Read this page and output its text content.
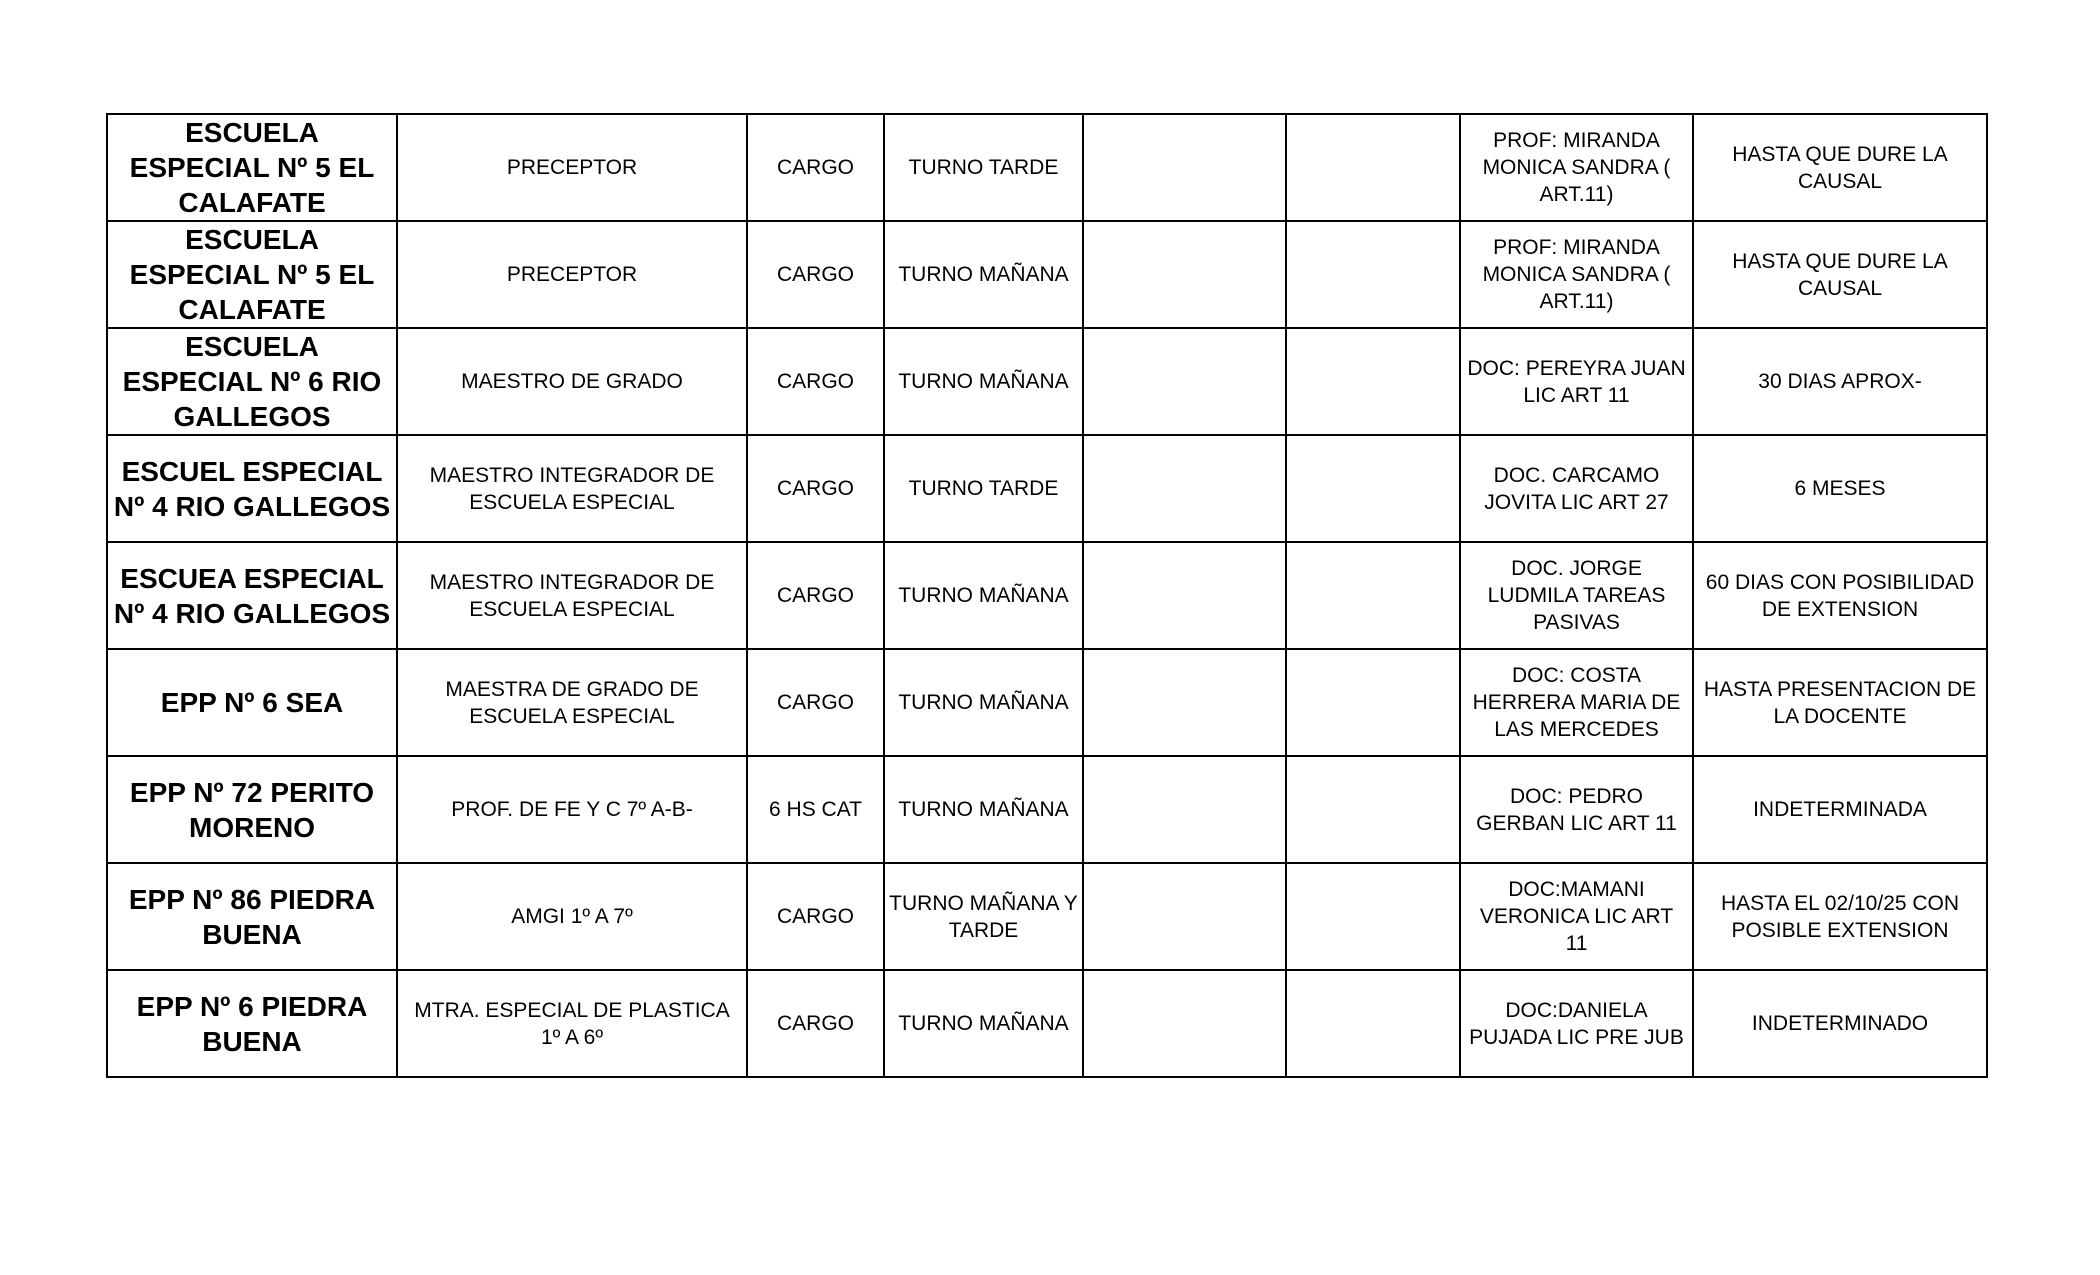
ESCUELA ESPECIAL Nº 5 EL CALAFATE	PRECEPTOR	CARGO	TURNO TARDE			PROF: MIRANDA MONICA SANDRA ( ART.11)	HASTA QUE DURE LA CAUSAL
ESCUELA ESPECIAL Nº 5 EL CALAFATE	PRECEPTOR	CARGO	TURNO MAÑANA			PROF: MIRANDA MONICA SANDRA ( ART.11)	HASTA QUE DURE LA CAUSAL
ESCUELA ESPECIAL Nº 6 RIO GALLEGOS	MAESTRO DE GRADO	CARGO	TURNO MAÑANA			DOC: PEREYRA JUAN LIC ART 11	30 DIAS APROX-
ESCUEL ESPECIAL Nº 4 RIO GALLEGOS	MAESTRO INTEGRADOR DE ESCUELA ESPECIAL	CARGO	TURNO TARDE			DOC. CARCAMO JOVITA LIC ART 27	6 MESES
ESCUEA ESPECIAL Nº 4 RIO GALLEGOS	MAESTRO INTEGRADOR DE ESCUELA ESPECIAL	CARGO	TURNO MAÑANA			DOC. JORGE LUDMILA TAREAS PASIVAS	60 DIAS CON POSIBILIDAD DE EXTENSION
EPP Nº 6 SEA	MAESTRA DE GRADO DE ESCUELA ESPECIAL	CARGO	TURNO MAÑANA			DOC: COSTA HERRERA MARIA DE LAS MERCEDES	HASTA PRESENTACION DE LA DOCENTE
EPP Nº 72 PERITO MORENO	PROF. DE FE Y C 7º A-B-	6 HS CAT	TURNO MAÑANA			DOC: PEDRO GERBAN LIC ART 11	INDETERMINADA
EPP Nº 86 PIEDRA BUENA	AMGI 1º A 7º	CARGO	TURNO MAÑANA Y TARDE			DOC:MAMANI VERONICA LIC ART 11	HASTA EL 02/10/25 CON POSIBLE EXTENSION
EPP Nº 6 PIEDRA BUENA	MTRA. ESPECIAL DE PLASTICA 1º A 6º	CARGO	TURNO MAÑANA			DOC:DANIELA PUJADA LIC PRE JUB	INDETERMINADO
